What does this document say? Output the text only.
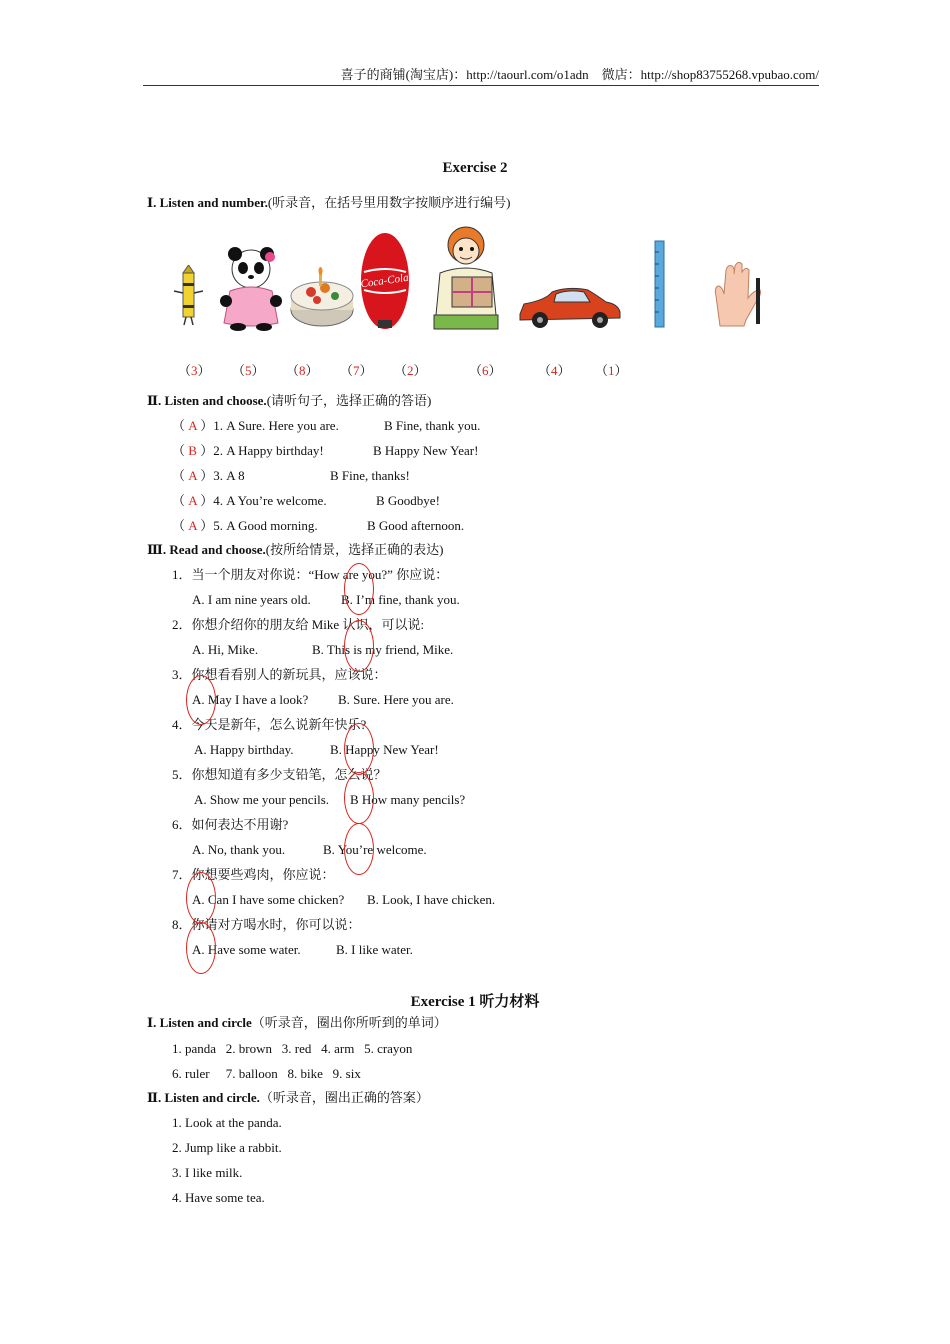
喜子的商铺(淘宝店)：http://taourl.com/o1adn　微店：http://shop83755268.vpubao.com/
Exercise 2
Ⅰ. Listen and number.(听录音，在括号里用数字按顺序进行编号)
Coca-Cola
（3） （5） （8） （7） （2）	（6）	（4） （1）
Ⅱ. Listen and choose.(请听句子，选择正确的答语)
（ A ）1. A Sure. Here you are.	B Fine, thank you.
（ B ）2. A Happy birthday!	B Happy New Year!
（ A ）3. A 8	B Fine, thanks!
（ A ）4. A You’re welcome.	B Goodbye!
（ A ）5. A Good morning.	B Good afternoon.
Ⅲ. Read and choose.(按所给情景，选择正确的表达)
1．当一个朋友对你说：“How are you?” 你应说：
A. I am nine years old. B. I’m fine, thank you.
2．你想介绍你的朋友给 Mike 认识，可以说:
A. Hi, Mike.	B. This is my friend, Mike.
3．你想看看别人的新玩具，应该说：
A. May I have a look? B. Sure. Here you are.
4．今天是新年，怎么说新年快乐?
A. Happy birthday.	B. Happy New Year!
5．你想知道有多少支铅笔，怎么说？
A. Show me your pencils. B How many pencils?
6．如何表达不用谢?
A. No, thank you.	B. You’re welcome.
7．你想要些鸡肉，你应说：
A. Can I have some chicken? B. Look, I have chicken.
8．你请对方喝水时，你可以说：
A. Have some water.	B. I like water.
Exercise 1 听力材料
Ⅰ. Listen and circle（听录音，圈出你所听到的单词）
1. panda   2. brown   3. red   4. arm   5. crayon
6. ruler     7. balloon   8. bike   9. six
Ⅱ. Listen and circle.（听录音，圈出正确的答案）
1. Look at the panda.
2. Jump like a rabbit.
3. I like milk.
4. Have some tea.
